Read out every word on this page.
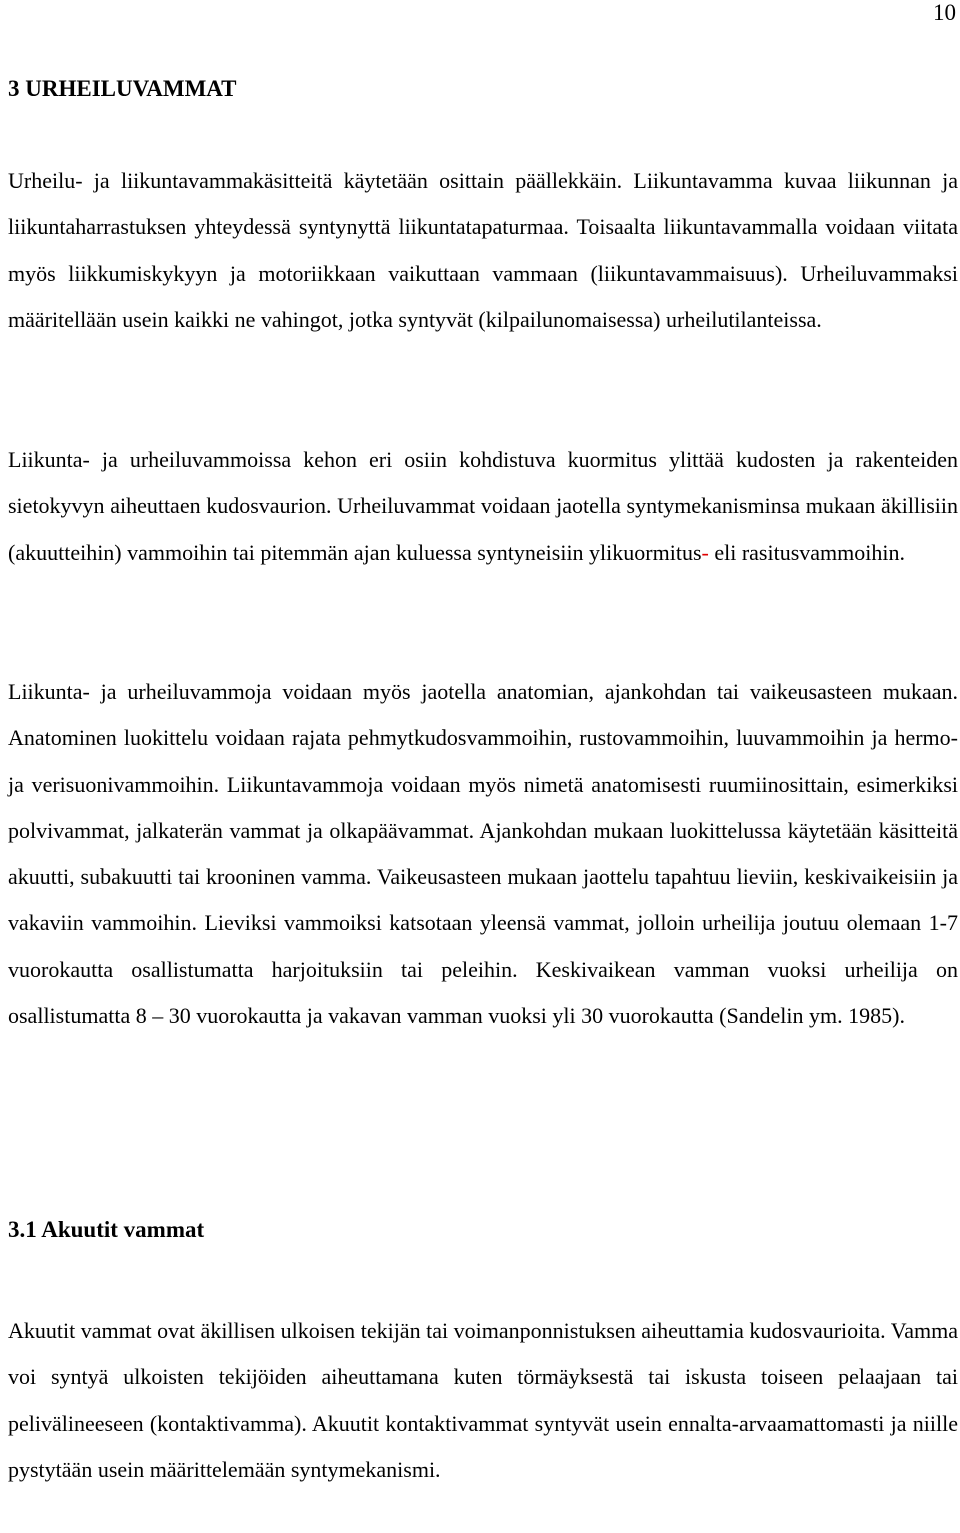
10
3 URHEILUVAMMAT

Urheilu- ja liikuntavammakäsitteitä käytetään osittain päällekkäin. Liikuntavamma kuvaa liikunnan ja liikuntaharrastuksen yhteydessä syntynyttä liikuntatapaturmaa. Toisaalta liikuntavammalla voidaan viitata myös liikkumiskykyyn ja motoriikkaan vaikuttaan vammaan (liikuntavammaisuus). Urheiluvammaksi määritellään usein kaikki ne vahingot, jotka syntyvät (kilpailunomaisessa) urheilutilanteissa.

Liikunta- ja urheiluvammoissa kehon eri osiin kohdistuva kuormitus ylittää kudosten ja rakenteiden sietokyvyn aiheuttaen kudosvaurion. Urheiluvammat voidaan jaotella syntymekanisminsa mukaan äkillisiin (akuutteihin) vammoihin tai pitemmän ajan kuluessa syntyneisiin ylikuormitus- eli rasitusvammoihin.

Liikunta- ja urheiluvammoja voidaan myös jaotella anatomian, ajankohdan tai vaikeusasteen mukaan. Anatominen luokittelu voidaan rajata pehmytkudosvammoihin, rustovammoihin, luuvammoihin ja hermo- ja verisuonivammoihin. Liikuntavammoja voidaan myös nimetä anatomisesti ruumiinosittain, esimerkiksi polvivammat, jalkaterän vammat ja olkapäävammat. Ajankohdan mukaan luokittelussa käytetään käsitteitä akuutti, subakuutti tai krooninen vamma. Vaikeusasteen mukaan jaottelu tapahtuu lieviin, keskivaikeisiin ja vakaviin vammoihin. Lieviksi vammoiksi katsotaan yleensä vammat, jolloin urheilija joutuu olemaan 1-7 vuorokautta osallistumatta harjoituksiin tai peleihin. Keskivaikean vamman vuoksi urheilija on osallistumatta 8 – 30 vuorokautta ja vakavan vamman vuoksi yli 30 vuorokautta (Sandelin ym. 1985).

3.1 Akuutit vammat

Akuutit vammat ovat äkillisen ulkoisen tekijän tai voimanponnistuksen aiheuttamia kudosvaurioita. Vamma voi syntyä ulkoisten tekijöiden aiheuttamana kuten törmäyksestä tai iskusta toiseen pelaajaan tai pelivälineeseen (kontaktivamma). Akuutit kontaktivammat syntyvät usein ennalta-arvaamattomasti ja niille pystytään usein määrittelemään syntymekanismi.
